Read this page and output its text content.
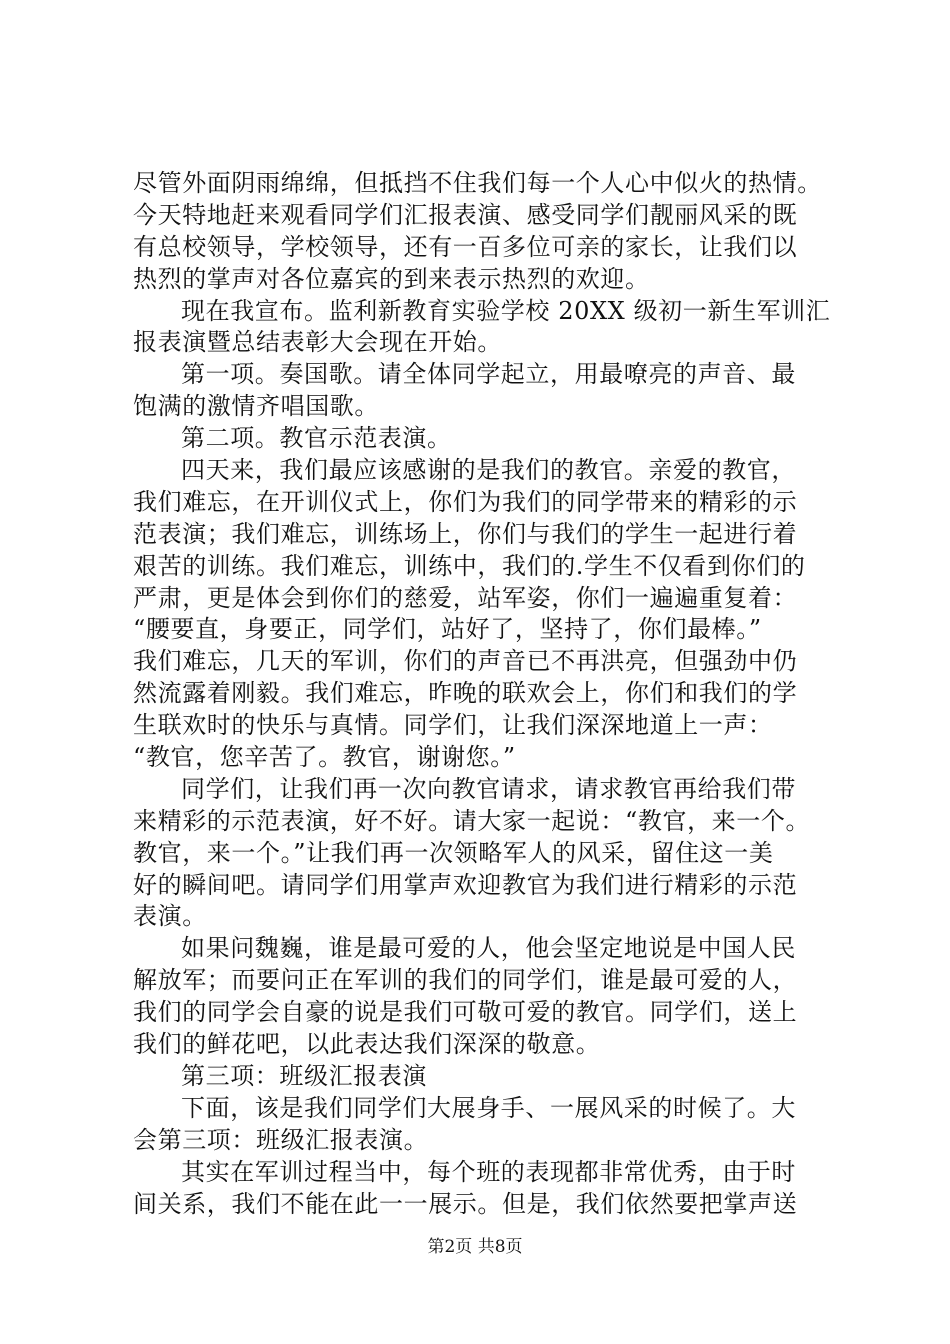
尽管外面阴雨绵绵，但抵挡不住我们每一个人心中似火的热情。
今天特地赶来观看同学们汇报表演、感受同学们靓丽风采的既
有总校领导，学校领导，还有一百多位可亲的家长，让我们以
热烈的掌声对各位嘉宾的到来表示热烈的欢迎。
现在我宣布。监利新教育实验学校 20XX 级初一新生军训汇
报表演暨总结表彰大会现在开始。
第一项。奏国歌。请全体同学起立，用最嘹亮的声音、最
饱满的激情齐唱国歌。
第二项。教官示范表演。
四天来，我们最应该感谢的是我们的教官。亲爱的教官，
我们难忘，在开训仪式上，你们为我们的同学带来的精彩的示
范表演；我们难忘，训练场上，你们与我们的学生一起进行着
艰苦的训练。我们难忘，训练中，我们的.学生不仅看到你们的
严肃，更是体会到你们的慈爱，站军姿，你们一遍遍重复着：
“腰要直，身要正，同学们，站好了，坚持了，你们最棒。”
我们难忘，几天的军训，你们的声音已不再洪亮，但强劲中仍
然流露着刚毅。我们难忘，昨晚的联欢会上，你们和我们的学
生联欢时的快乐与真情。同学们，让我们深深地道上一声：
“教官，您辛苦了。教官，谢谢您。”
同学们，让我们再一次向教官请求，请求教官再给我们带
来精彩的示范表演，好不好。请大家一起说：“教官，来一个。
教官，来一个。”让我们再一次领略军人的风采，留住这一美
好的瞬间吧。请同学们用掌声欢迎教官为我们进行精彩的示范
表演。
如果问魏巍，谁是最可爱的人，他会坚定地说是中国人民
解放军；而要问正在军训的我们的同学们，谁是最可爱的人，
我们的同学会自豪的说是我们可敬可爱的教官。同学们，送上
我们的鲜花吧，以此表达我们深深的敬意。
第三项：班级汇报表演
下面，该是我们同学们大展身手、一展风采的时候了。大
会第三项：班级汇报表演。
其实在军训过程当中，每个班的表现都非常优秀，由于时
间关系，我们不能在此一一展示。但是，我们依然要把掌声送
第2页 共8页
